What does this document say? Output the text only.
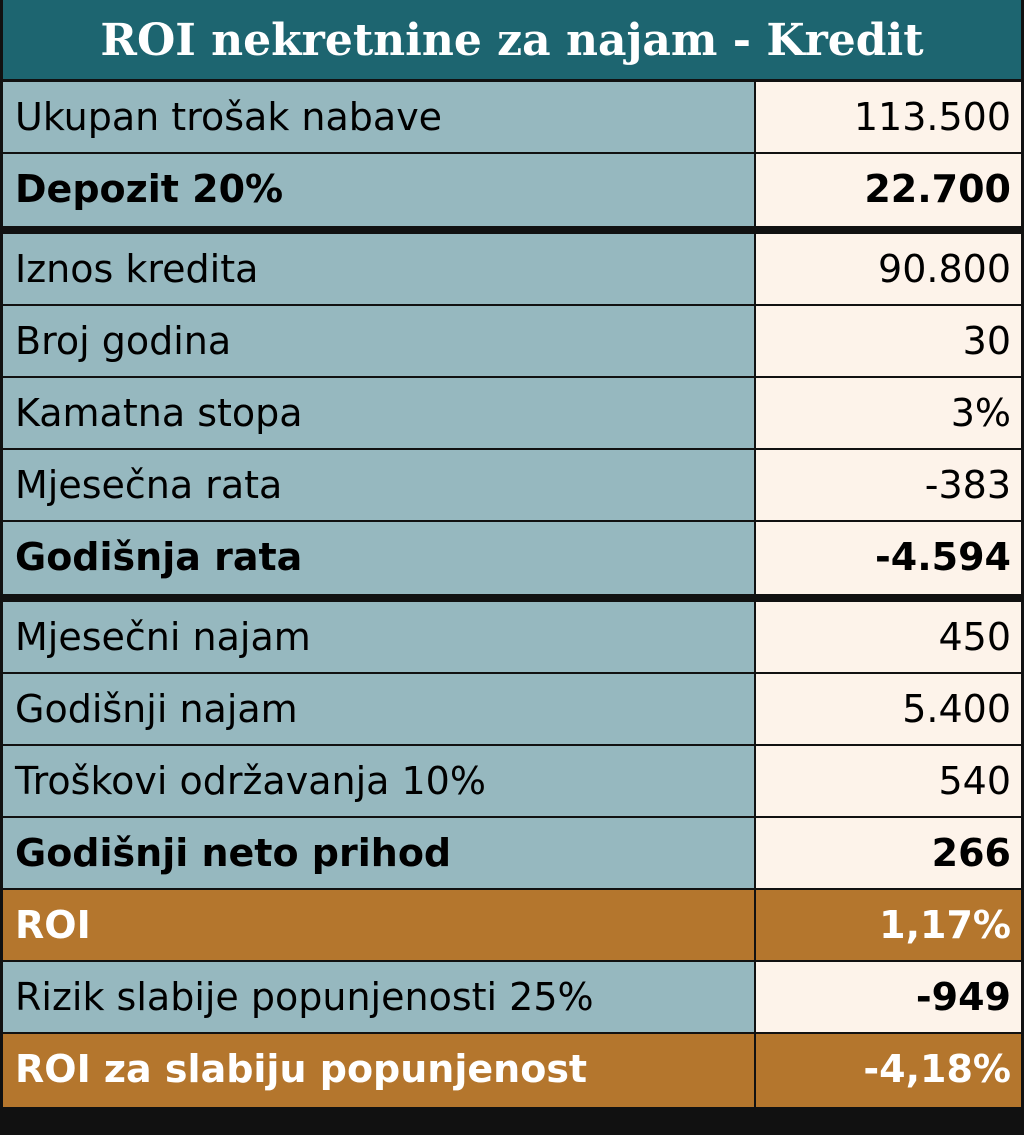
ROI nekretnine za najam - Kredit
Ukupan trošak nabave	113.500
Depozit 20%	22.700
Iznos kredita	90.800
Broj godina	30
Kamatna stopa	3%
Mjesečna rata	-383
Godišnja rata	-4.594
Mjesečni najam	450
Godišnji najam	5.400
Troškovi održavanja 10%	540
Godišnji neto prihod	266
ROI	1,17%
Rizik slabije popunjenosti 25%	-949
ROI za slabiju popunjenost	-4,18%
